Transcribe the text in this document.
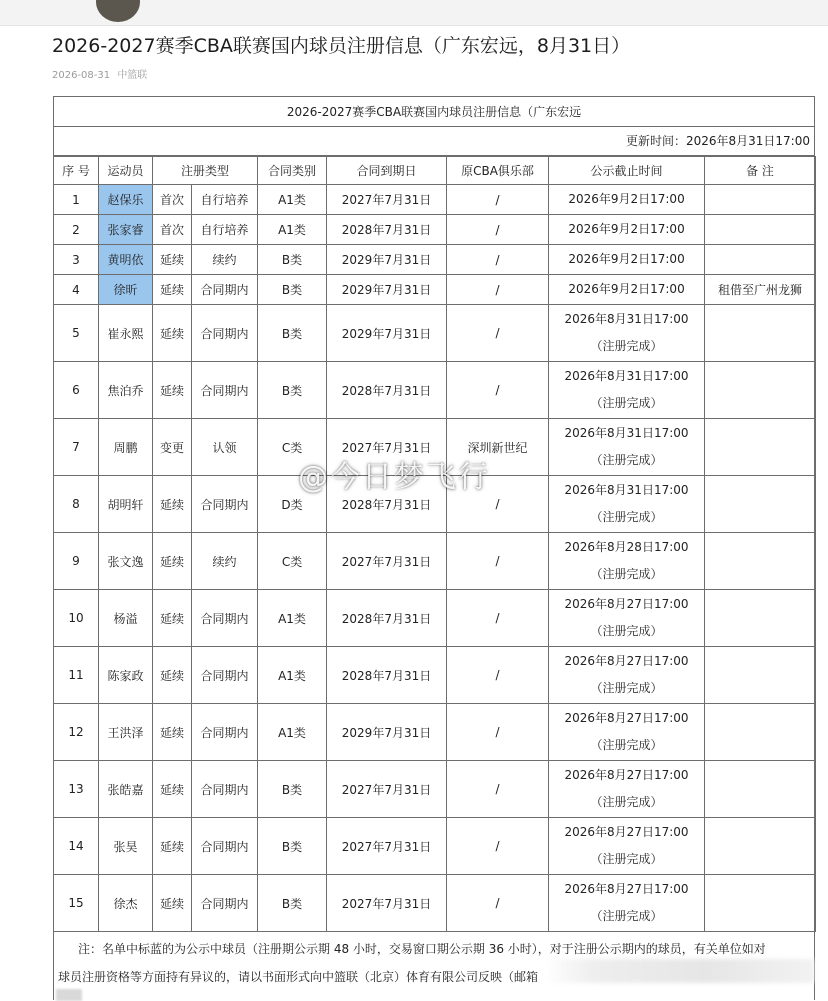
2026-2027赛季CBA联赛国内球员注册信息（广东宏远，8月31日）
2026-08-31 中篮联
2026-2027赛季CBA联赛国内球员注册信息（广东宏远
更新时间：2026年8月31日17:00
序 号	运动员	注册类型		合同类别	合同到期日	原CBA俱乐部	公示截止时间	备 注
1	赵保乐	首次	自行培养	A1类	2027年7月31日	/	2026年9月2日17:00	

2	张家睿	首次	自行培养	A1类	2028年7月31日	/	2026年9月2日17:00	

3	黄明依	延续	续约	B类	2029年7月31日	/	2026年9月2日17:00	

4	徐昕	延续	合同期内	B类	2029年7月31日	/	2026年9月2日17:00	租借至广州龙狮
5	崔永熙	延续	合同期内	B类	2029年7月31日	/	2026年8月31日17:00
（注册完成）	

6	焦泊乔	延续	合同期内	B类	2028年7月31日	/	2026年8月31日17:00
（注册完成）	

7	周鹏	变更	认领	C类	2027年7月31日	深圳新世纪	2026年8月31日17:00
（注册完成）	

8	胡明轩	延续	合同期内	D类	2028年7月31日	/	2026年8月31日17:00
（注册完成）	

9	张文逸	延续	续约	C类	2027年7月31日	/	2026年8月28日17:00
（注册完成）	

10	杨溢	延续	合同期内	A1类	2028年7月31日	/	2026年8月27日17:00
（注册完成）	

11	陈家政	延续	合同期内	A1类	2028年7月31日	/	2026年8月27日17:00
（注册完成）	

12	王洪泽	延续	合同期内	A1类	2029年7月31日	/	2026年8月27日17:00
（注册完成）	

13	张皓嘉	延续	合同期内	B类	2027年7月31日	/	2026年8月27日17:00
（注册完成）	

14	张昊	延续	合同期内	B类	2027年7月31日	/	2026年8月27日17:00
（注册完成）	

15	徐杰	延续	合同期内	B类	2027年7月31日	/	2026年8月27日17:00
（注册完成）	

注：名单中标蓝的为公示中球员（注册期公示期 48 小时，交易窗口期公示期 36 小时），对于注册公示期内的球员，有关单位如对

球员注册资格等方面持有异议的，请以书面形式向中篮联（北京）体育有限公司反映（邮箱

@今日梦飞行
